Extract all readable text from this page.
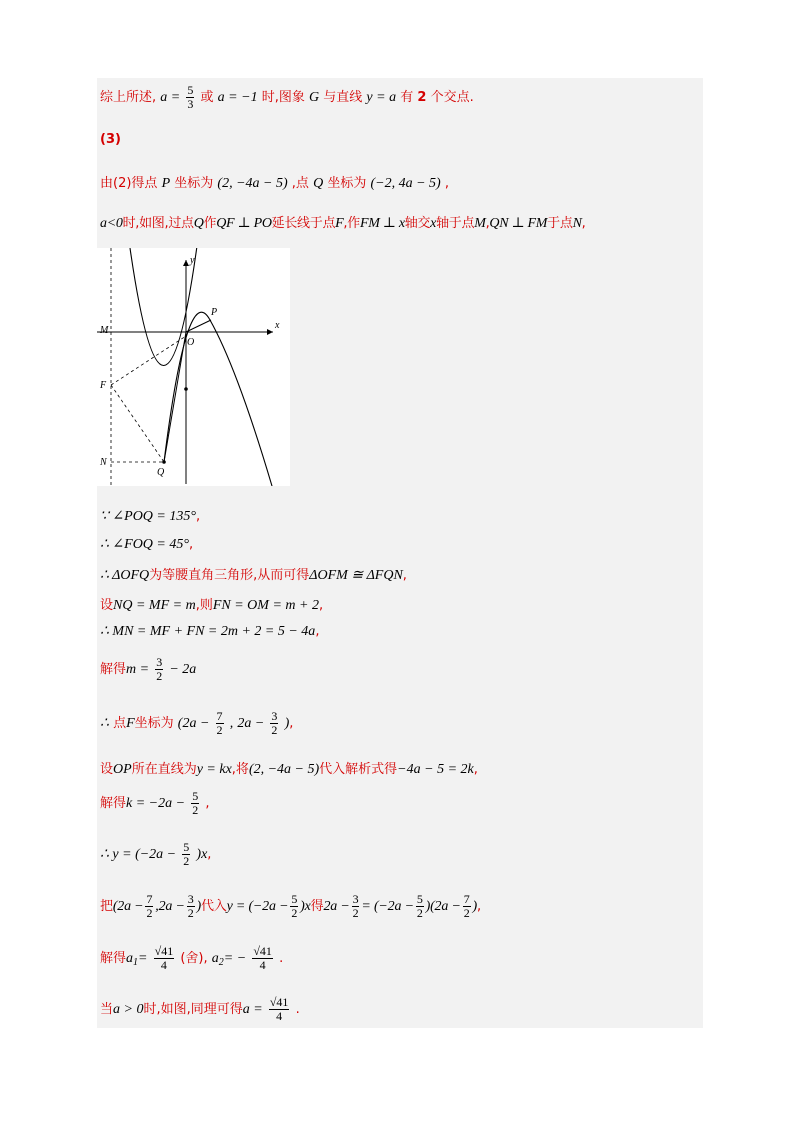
综上所述, $a = \frac{5}{3}$ 或 a = −1 时,图象 G 与直线 y = a 有 2 个交点.
(3)
由(2)得点 P 坐标为 (2, −4a − 5) ,点 Q 坐标为 (−2, 4a − 5) ,
a<0时,如图,过点Q作QF ⊥ PO延长线于点F,作FM ⊥ x轴交x轴于点M,QN ⊥ FM于点N,
x
y
P
O
M
F
N
Q
∵ ∠POQ = 135°,
∴ ∠FOQ = 45°,
∴ ΔOFQ为等腰直角三角形,从而可得ΔOFM ≅ ΔFQN,
设NQ = MF = m,则FN = OM = m + 2,
∴ MN = MF + FN = 2m + 2 = 5 − 4a,
解得$m = \frac{3}{2} - 2a$
∴ 点F坐标为 ($2a - \frac{7}{2}$ , $2a - \frac{3}{2}$ ),
设OP所在直线为y = kx,将(2, −4a − 5)代入解析式得−4a − 5 = 2k,
解得$k = -2a - \frac{5}{2}$ ,
∴ $y = (-2a - \frac{5}{2} )x$,
把($2a - \frac{7}{2} ,2a - \frac{3}{2}$ )代入$y = (-2a - \frac{5}{2} )x$得$2a - \frac{3}{2} = (-2a - \frac{5}{2} )(2a - \frac{7}{2}$ ),
解得$a_1= \frac{√41}{4}$ (舍), $a_2= - \frac{√41}{4}$ .
当a > 0时,如图,同理可得$a = \frac{√41}{4}$ .
